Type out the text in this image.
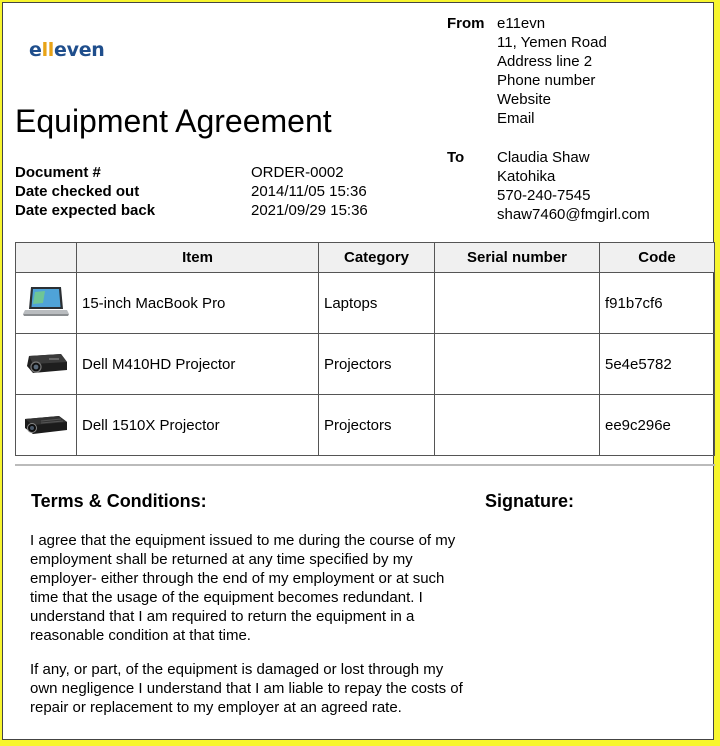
elleven
Equipment Agreement
Document #	ORDER-0002
Date checked out	2014/11/05 15:36
Date expected back	2021/09/29 15:36
From e11evn
11, Yemen Road
Address line 2
Phone number
Website
Email
To	Claudia Shaw
Katohika
570-240-7545
shaw7460@fmgirl.com
	Item	Category	Serial number	Code
	15-inch MacBook Pro	Laptops		f91b7cf6
	Dell M410HD Projector	Projectors		5e4e5782
	Dell 1510X Projector	Projectors		ee9c296e
Terms & Conditions:	Signature:

I agree that the equipment issued to me during the course of my employment shall be returned at any time specified by my employer- either through the end of my employment or at such time that the usage of the equipment becomes redundant. I understand that I am required to return the equipment in a reasonable condition at that time.

If any, or part, of the equipment is damaged or lost through my own negligence I understand that I am liable to repay the costs of repair or replacement to my employer at an agreed rate.
